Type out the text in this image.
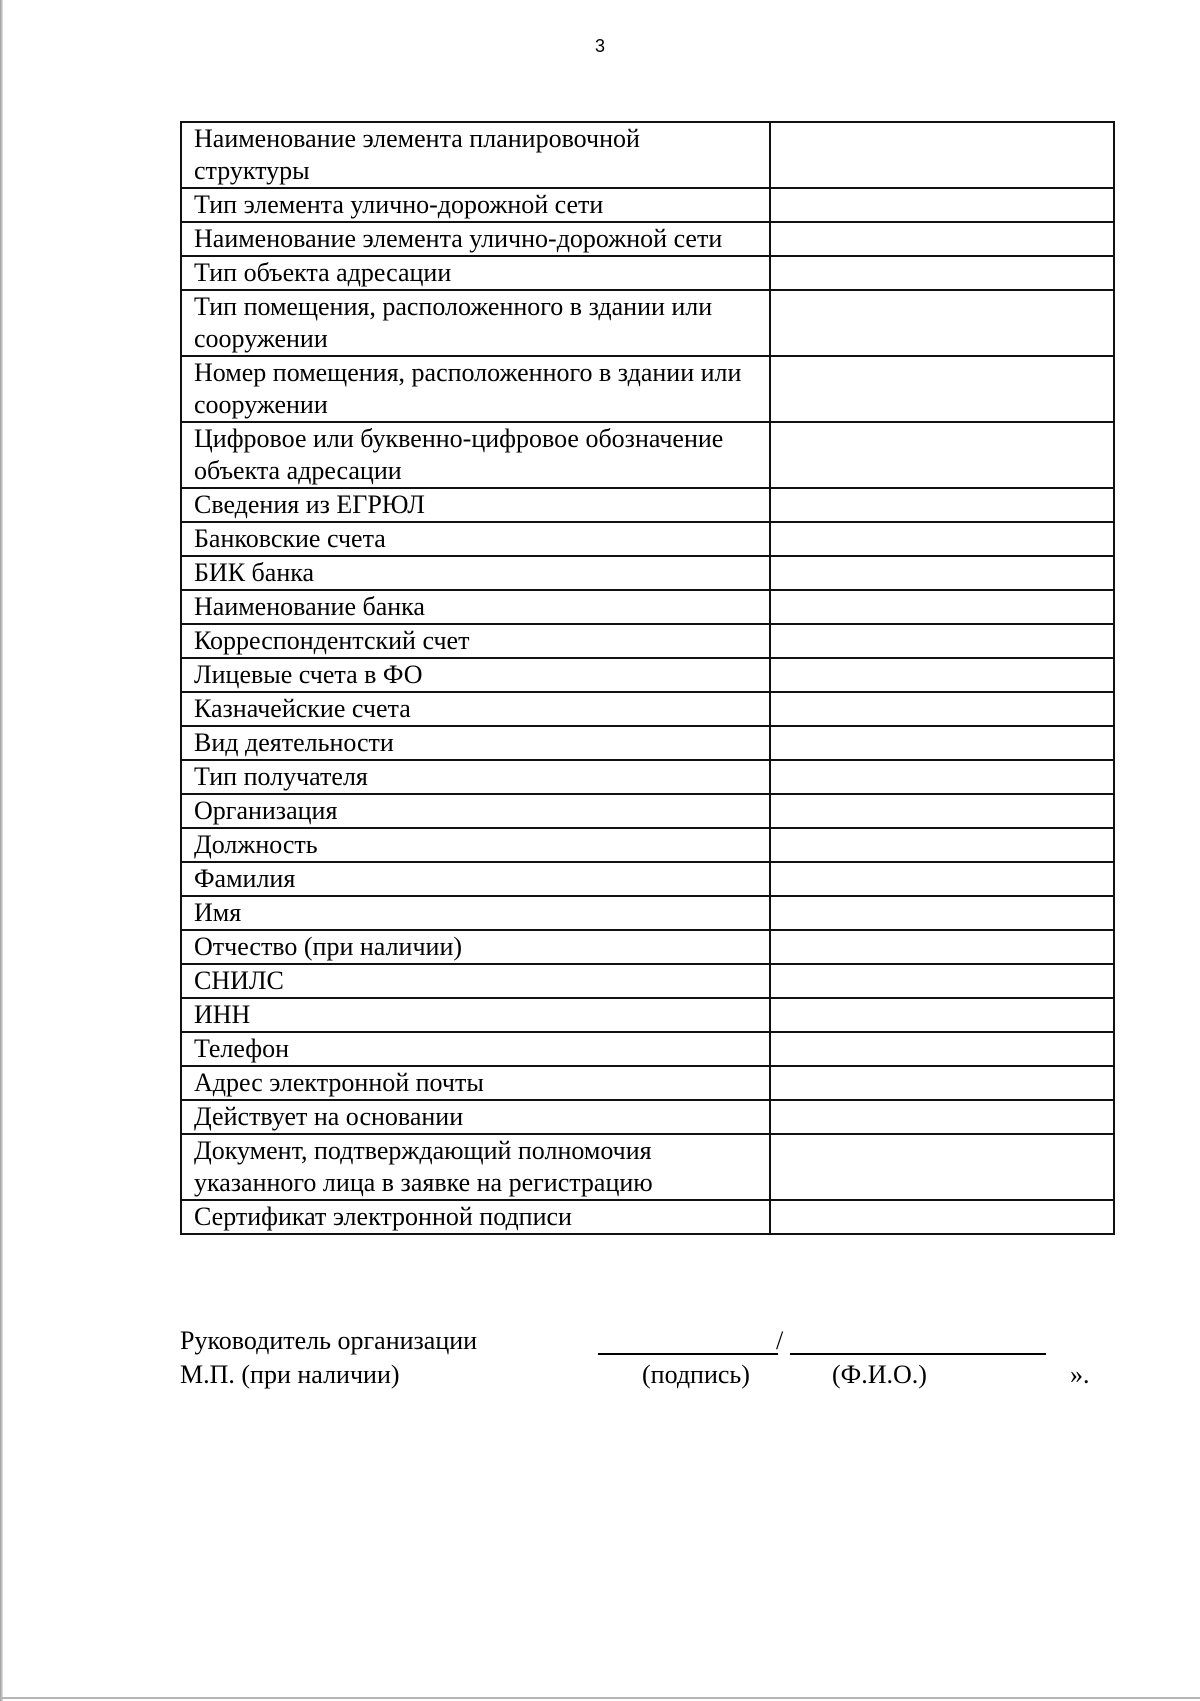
3
Наименование элемента планировочной структуры	
Тип элемента улично-дорожной сети	
Наименование элемента улично-дорожной сети	
Тип объекта адресации	
Тип помещения, расположенного в здании или сооружении	
Номер помещения, расположенного в здании или сооружении	
Цифровое или буквенно-цифровое обозначение объекта адресации	
Сведения из ЕГРЮЛ	
Банковские счета	
БИК банка	
Наименование банка	
Корреспондентский счет	
Лицевые счета в ФО	
Казначейские счета	
Вид деятельности	
Тип получателя	
Организация	
Должность	
Фамилия	
Имя	
Отчество (при наличии)	
СНИЛС	
ИНН	
Телефон	
Адрес электронной почты	
Действует на основании	
Документ, подтверждающий полномочия указанного лица в заявке на регистрацию	
Сертификат электронной подписи	
Руководитель организации
М.П. (при наличии)
/
(подпись)	(Ф.И.О.)	».
